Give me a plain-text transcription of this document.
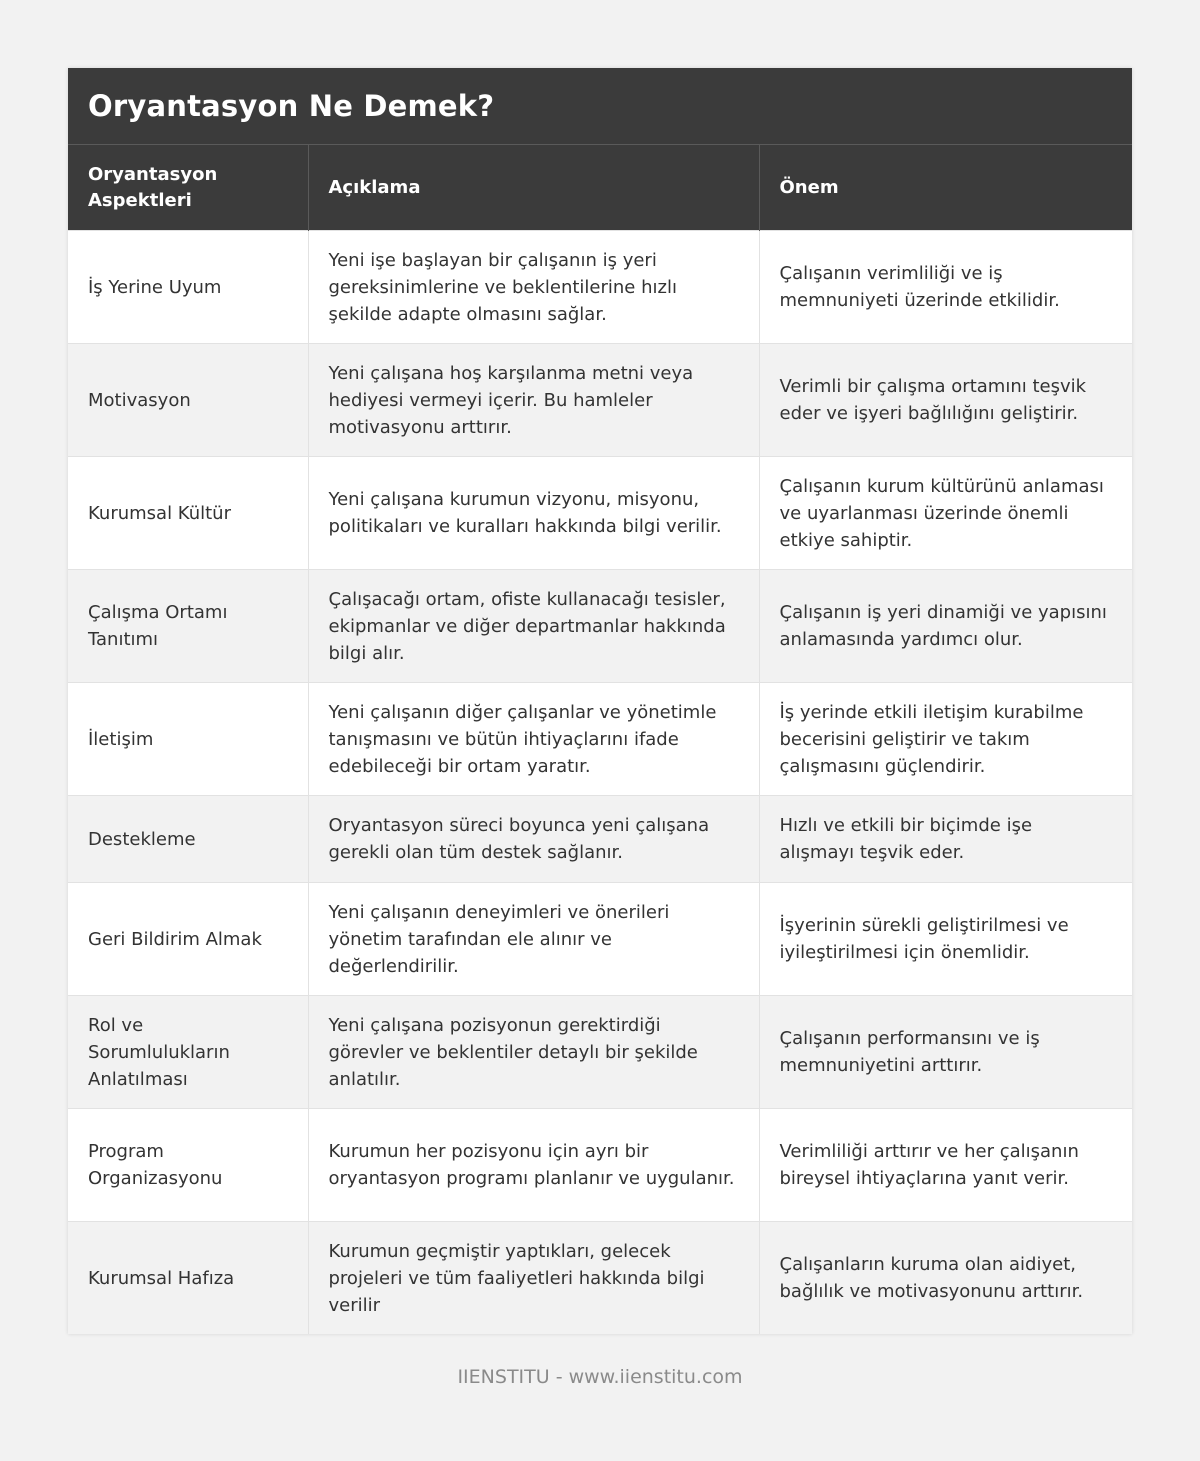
Oryantasyon Ne Demek?
Oryantasyon Aspektleri	Açıklama	Önem
İş Yerine Uyum	Yeni işe başlayan bir çalışanın iş yeri gereksinimlerine ve beklentilerine hızlı şekilde adapte olmasını sağlar.	Çalışanın verimliliği ve iş memnuniyeti üzerinde etkilidir.
Motivasyon	Yeni çalışana hoş karşılanma metni veya hediyesi vermeyi içerir. Bu hamleler motivasyonu arttırır.	Verimli bir çalışma ortamını teşvik eder ve işyeri bağlılığını geliştirir.
Kurumsal Kültür	Yeni çalışana kurumun vizyonu, misyonu, politikaları ve kuralları hakkında bilgi verilir.	Çalışanın kurum kültürünü anlaması ve uyarlanması üzerinde önemli etkiye sahiptir.
Çalışma Ortamı Tanıtımı	Çalışacağı ortam, ofiste kullanacağı tesisler, ekipmanlar ve diğer departmanlar hakkında bilgi alır.	Çalışanın iş yeri dinamiği ve yapısını anlamasında yardımcı olur.
İletişim	Yeni çalışanın diğer çalışanlar ve yönetimle tanışmasını ve bütün ihtiyaçlarını ifade edebileceği bir ortam yaratır.	İş yerinde etkili iletişim kurabilme becerisini geliştirir ve takım çalışmasını güçlendirir.
Destekleme	Oryantasyon süreci boyunca yeni çalışana gerekli olan tüm destek sağlanır.	Hızlı ve etkili bir biçimde işe alışmayı teşvik eder.
Geri Bildirim Almak	Yeni çalışanın deneyimleri ve önerileri yönetim tarafından ele alınır ve değerlendirilir.	İşyerinin sürekli geliştirilmesi ve iyileştirilmesi için önemlidir.
Rol ve Sorumlulukların Anlatılması	Yeni çalışana pozisyonun gerektirdiği görevler ve beklentiler detaylı bir şekilde anlatılır.	Çalışanın performansını ve iş memnuniyetini arttırır.
Program Organizasyonu	Kurumun her pozisyonu için ayrı bir oryantasyon programı planlanır ve uygulanır.	Verimliliği arttırır ve her çalışanın bireysel ihtiyaçlarına yanıt verir.
Kurumsal Hafıza	Kurumun geçmiştir yaptıkları, gelecek projeleri ve tüm faaliyetleri hakkında bilgi verilir	Çalışanların kuruma olan aidiyet, bağlılık ve motivasyonunu arttırır.
IIENSTITU - www.iienstitu.com
